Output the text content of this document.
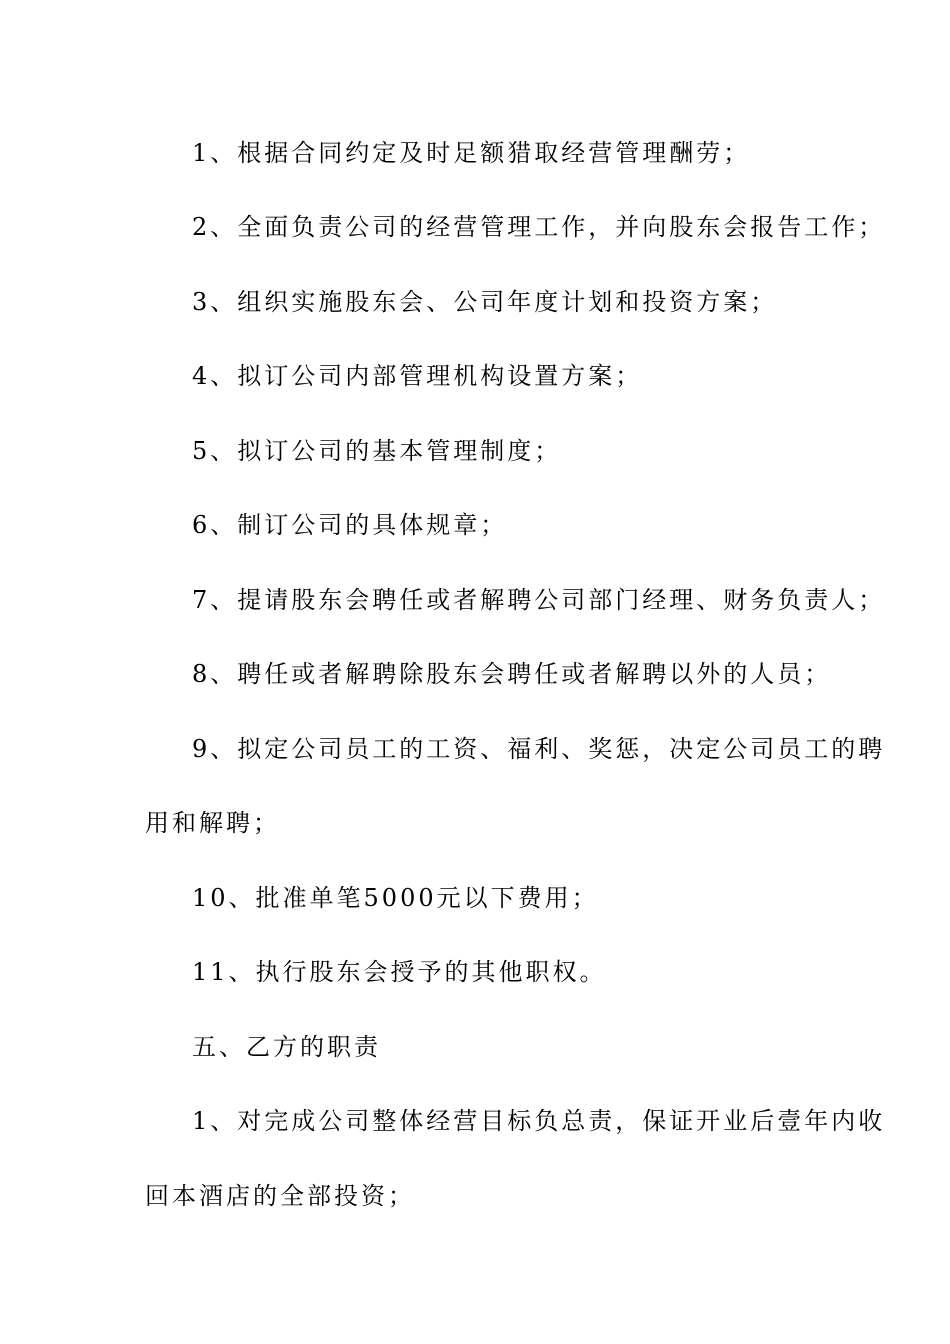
1、根据合同约定及时足额猎取经营管理酬劳；
2、全面负责公司的经营管理工作，并向股东会报告工作；
3、组织实施股东会、公司年度计划和投资方案；
4、拟订公司内部管理机构设置方案；
5、拟订公司的基本管理制度；
6、制订公司的具体规章；
7、提请股东会聘任或者解聘公司部门经理、财务负责人；
8、聘任或者解聘除股东会聘任或者解聘以外的人员；
9、拟定公司员工的工资、福利、奖惩，决定公司员工的聘
用和解聘；
10、批准单笔5000元以下费用；
11、执行股东会授予的其他职权。
五、乙方的职责
1、对完成公司整体经营目标负总责，保证开业后壹年内收
回本酒店的全部投资；
